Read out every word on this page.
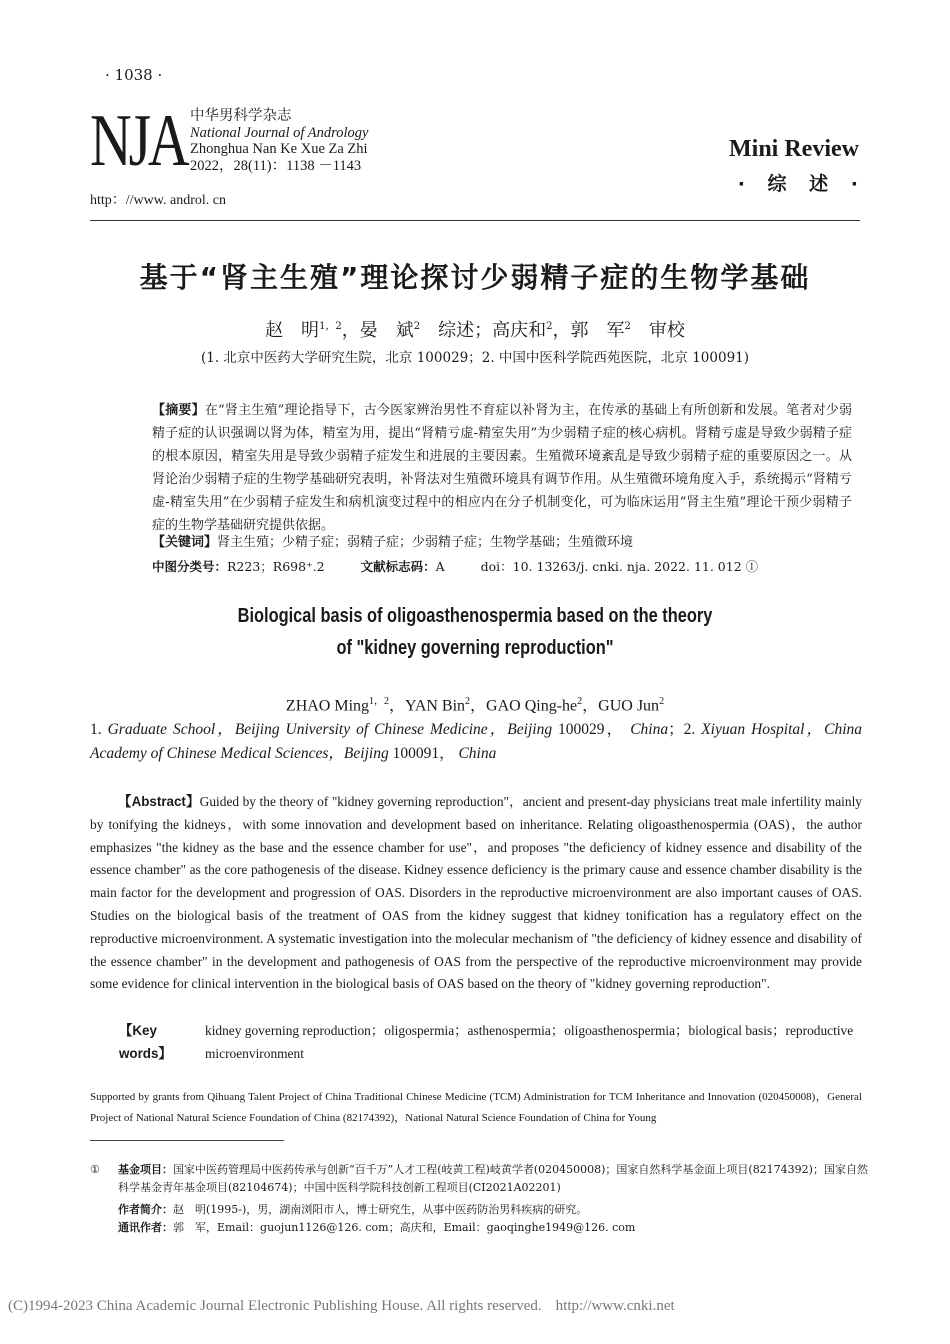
· 1038 ·
NJA 中华男科学杂志
National Journal of Andrology
Zhonghua Nan Ke Xue Za Zhi
2022，28(11)：1138 －1143
http：//www. androl. cn
Mini Review
· 综 述 ·
基于“肾主生殖”理论探讨少弱精子症的生物学基础
赵　明$^{1,2}$，晏　斌$^2$　综述；高庆和$^2$，郭　军$^2$　审校
(1. 北京中医药大学研究生院，北京 100029；2. 中国中医科学院西苑医院，北京 100091)
【摘要】在“肾主生殖”理论指导下，古今医家辨治男性不育症以补肾为主，在传承的基础上有所创新和发展。笔者对少弱精子症的认识强调以肾为体，精室为用，提出“肾精亏虚-精室失用”为少弱精子症的核心病机。肾精亏虚是导致少弱精子症的根本原因，精室失用是导致少弱精子症发生和进展的主要因素。生殖微环境紊乱是导致少弱精子症的重要原因之一。从肾论治少弱精子症的生物学基础研究表明，补肾法对生殖微环境具有调节作用。从生殖微环境角度入手，系统揭示“肾精亏虚-精室失用”在少弱精子症发生和病机演变过程中的相应内在分子机制变化，可为临床运用“肾主生殖”理论干预少弱精子症的生物学基础研究提供依据。
【关键词】肾主生殖；少精子症；弱精子症；少弱精子症；生物学基础；生殖微环境
中图分类号：R223；R698⁺.2	文献标志码：A	doi：10. 13263/j. cnki. nja. 2022. 11. 012 ①
Biological basis of oligoasthenospermia based on the theory
of "kidney governing reproduction"
ZHAO Ming$^{1,2}$，YAN Bin$^2$，GAO Qing-$he^2$，GUO Jun$^2$
1. Graduate School，Beijing University of Chinese Medicine，Beijing 100029， China；2. Xiyuan Hospital，China Academy of Chinese Medical Sciences，Beijing 100091， China
【Abstract】Guided by the theory of "kidney governing reproduction"，ancient and present-day physicians treat male infertility mainly by tonifying the kidneys，with some innovation and development based on inheritance. Relating oligoasthenospermia (OAS)，the author emphasizes "the kidney as the base and the essence chamber for use"，and proposes "the deficiency of kidney essence and disability of the essence chamber" as the core pathogenesis of the disease. Kidney essence deficiency is the primary cause and essence chamber disability is the main factor for the development and progression of OAS. Disorders in the reproductive microenvironment are also important causes of OAS. Studies on the biological basis of the treatment of OAS from the kidney suggest that kidney tonification has a regulatory effect on the reproductive microenvironment. A systematic investigation into the molecular mechanism of "the deficiency of kidney essence and disability of the essence chamber" in the development and pathogenesis of OAS from the perspective of the reproductive microenvironment may provide some evidence for clinical intervention in the biological basis of OAS based on the theory of "kidney governing reproduction".
【Key words】
kidney governing reproduction；oligospermia；asthenospermia；oligoasthenospermia；biological basis；reproductive microenvironment
Supported by grants from Qihuang Talent Project of China Traditional Chinese Medicine (TCM) Administration for TCM Inheritance and Innovation (020450008)，General Project of National Natural Science Foundation of China (82174392)，National Natural Science Foundation of China for Young
① 基金项目：国家中医药管理局中医药传承与创新“百千万”人才工程(岐黄工程)岐黄学者(020450008)；国家自然科学基金面上项目(82174392)；国家自然科学基金青年基金项目(82104674)；中国中医科学院科技创新工程项目(CI2021A02201)
作者简介：赵　明(1995-)，男，湖南浏阳市人，博士研究生，从事中医药防治男科疾病的研究。
通讯作者：郭　军，Email：guojun1126@126. com；高庆和，Email：gaoqinghe1949@126. com
(C)1994-2023 China Academic Journal Electronic Publishing House. All rights reserved. http://www.cnki.net
